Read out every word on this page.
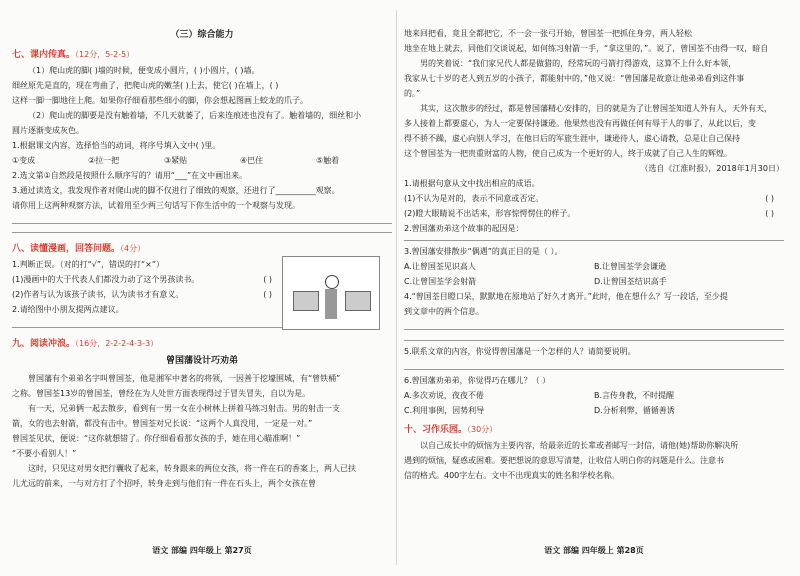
（三）综合能力
七、课内传真。（12分，5-2-5）

（1）爬山虎的脚( )墙的时候，便变成小圆片，( )小圆片，( )墙。

细丝原先是直的，现在弯曲了，把爬山虎的嫩茎( )上去，使它( )在墙上，( )

这样一脚一脚地往上爬。如果你仔细看那些细小的脚，你会想起图画上蛟龙的爪子。

（2）爬山虎的脚要是没有触着墙，不几天就萎了，后来连痕迹也没有了。触着墙的，细丝和小

圆片逐渐变成灰色。

1.根据课文内容，选择恰当的动词，将序号填入文中( )里。

①变成	②拉一把	③紧贴	④巴住	⑤触着

2.选文第①自然段是按照什么顺序写的？请用“___”在文中画出来。

3.通过读选文，我发现作者对爬山虎的脚不仅进行了细致的观察，还进行了__________观察。

请你用上这两种观察方法，试着用至少两三句话写下你生活中的一个观察与发现。

八、读懂漫画，回答问题。（4分）

1.判断正误。（对的打“√”，错误的打“×”）

(1)漫画中的大于代表人们都没力动了这个男孩读书。	( )

(2)作者与认为该孩子读书，认为读书才有意义。	( )

2.请给图中小朋友提两点建议。

九、阅读冲浪。（16分，2-2-2-4-3-3）
曾国藩设计巧劝弟

曾国藩有个弟弟名字叫曾国荃，他是湘军中著名的将领，一因善于挖壕围城，有“曾铁桶”

之称。曾国荃13岁的曾国荃，曾经在为人处世方面表现得过于冒失冒失，自以为是。

有一天，兄弟俩一起去散步，看到有一男一女在小树林上拼着马练习射击。男的射击一支

箭，女的也去射箭，都没有击中。曾国荃对兄长说：“这两个人真没用，一定是一对。”

曾国荃见状，便说：“这你就想错了。你仔细看看那女孩的手，她在用心瞄准啊！”

“不要小看别人！”

这时，只见这对男女把行囊收了起来，转身跟来的两位女孩，将一件在石的香案上，两人已扶

儿尤远的前来，一与对方打了个招呼，转身走到与他们有一件在石头上，两个女孩在曾

语文 部编 四年级上 第27页

地来回把看，竟且全都把它，不一会一张弓开始，曾国荃一把抓住身旁，两人轻松

地坐在地上就去，同他们交谈说起，如何练习射箭一手，“拿这里的，”。说了，曾国荃不由得一叹，暗自

男的笑着说：“我们家兄代人都是做猎的，经常玩的弓箭打得游戏，这算不上什么好本领，

我家从七十岁的老人到五岁的小孩子，都能射中的，”他又说：“曾国藩是故意让他弟弟看到这件事

的。”

其实，这次散步的经过，都是曾国藩精心安排的，目的就是为了让曾国荃知道人外有人，天外有天，

多人接着上都要虚心，为人一定要保持谦逊。他果然也没有再做任何有辱于人的事了，从此以后，变

得不骄不躁，虚心向别人学习，在他日后的军旅生涯中，谦逊待人，虚心请教，总是让自己保持

这个曾国荃为一把贵重财富的人物，使自己成为一个更好的人，终于成就了自己人生的辉煌。

（选自《江淮时报》，2018年1月30日）

1.请根据句意从文中找出相应的成语。

(1)不认为是对的，表示不同意或否定。	( )

(2)瞪大眼睛说不出话来，形容惊愕愣住的样子。	( )

2.曾国藩劝弟这个故事的起因是：

3.曾国藩安排散步“偶遇”的真正目的是（ ）。

A.让曾国荃见识高人	B.让曾国荃学会谦逊
C.让曾国荃学会射箭	D.让曾国荃结识高手

4.“曾国荃目瞪口呆，默默地在原地站了好久才离开。”此时，他在想什么？写一段话，至少提

到文章中的两个信息。

5.联系文章的内容，你觉得曾国藩是一个怎样的人？请简要说明。

6.曾国藩劝弟弟，你觉得巧在哪儿？（ ）

A.多次劝说，夜夜不倦	B.言传身教，不时提醒
C.利用事例，因势利导	D.分析利弊，循循善诱
十、习作乐园。（30分）

以自己成长中的烦恼为主要内容，给最亲近的长辈或者邮写一封信，请他(她)帮助你解决所

遇到的烦恼，疑惑或困难。要把想说的意思写清楚，让收信人明白你的问题是什么。注意书

信的格式。400字左右。文中不出现真实的姓名和学校名称。

语文 部编 四年级上 第28页
